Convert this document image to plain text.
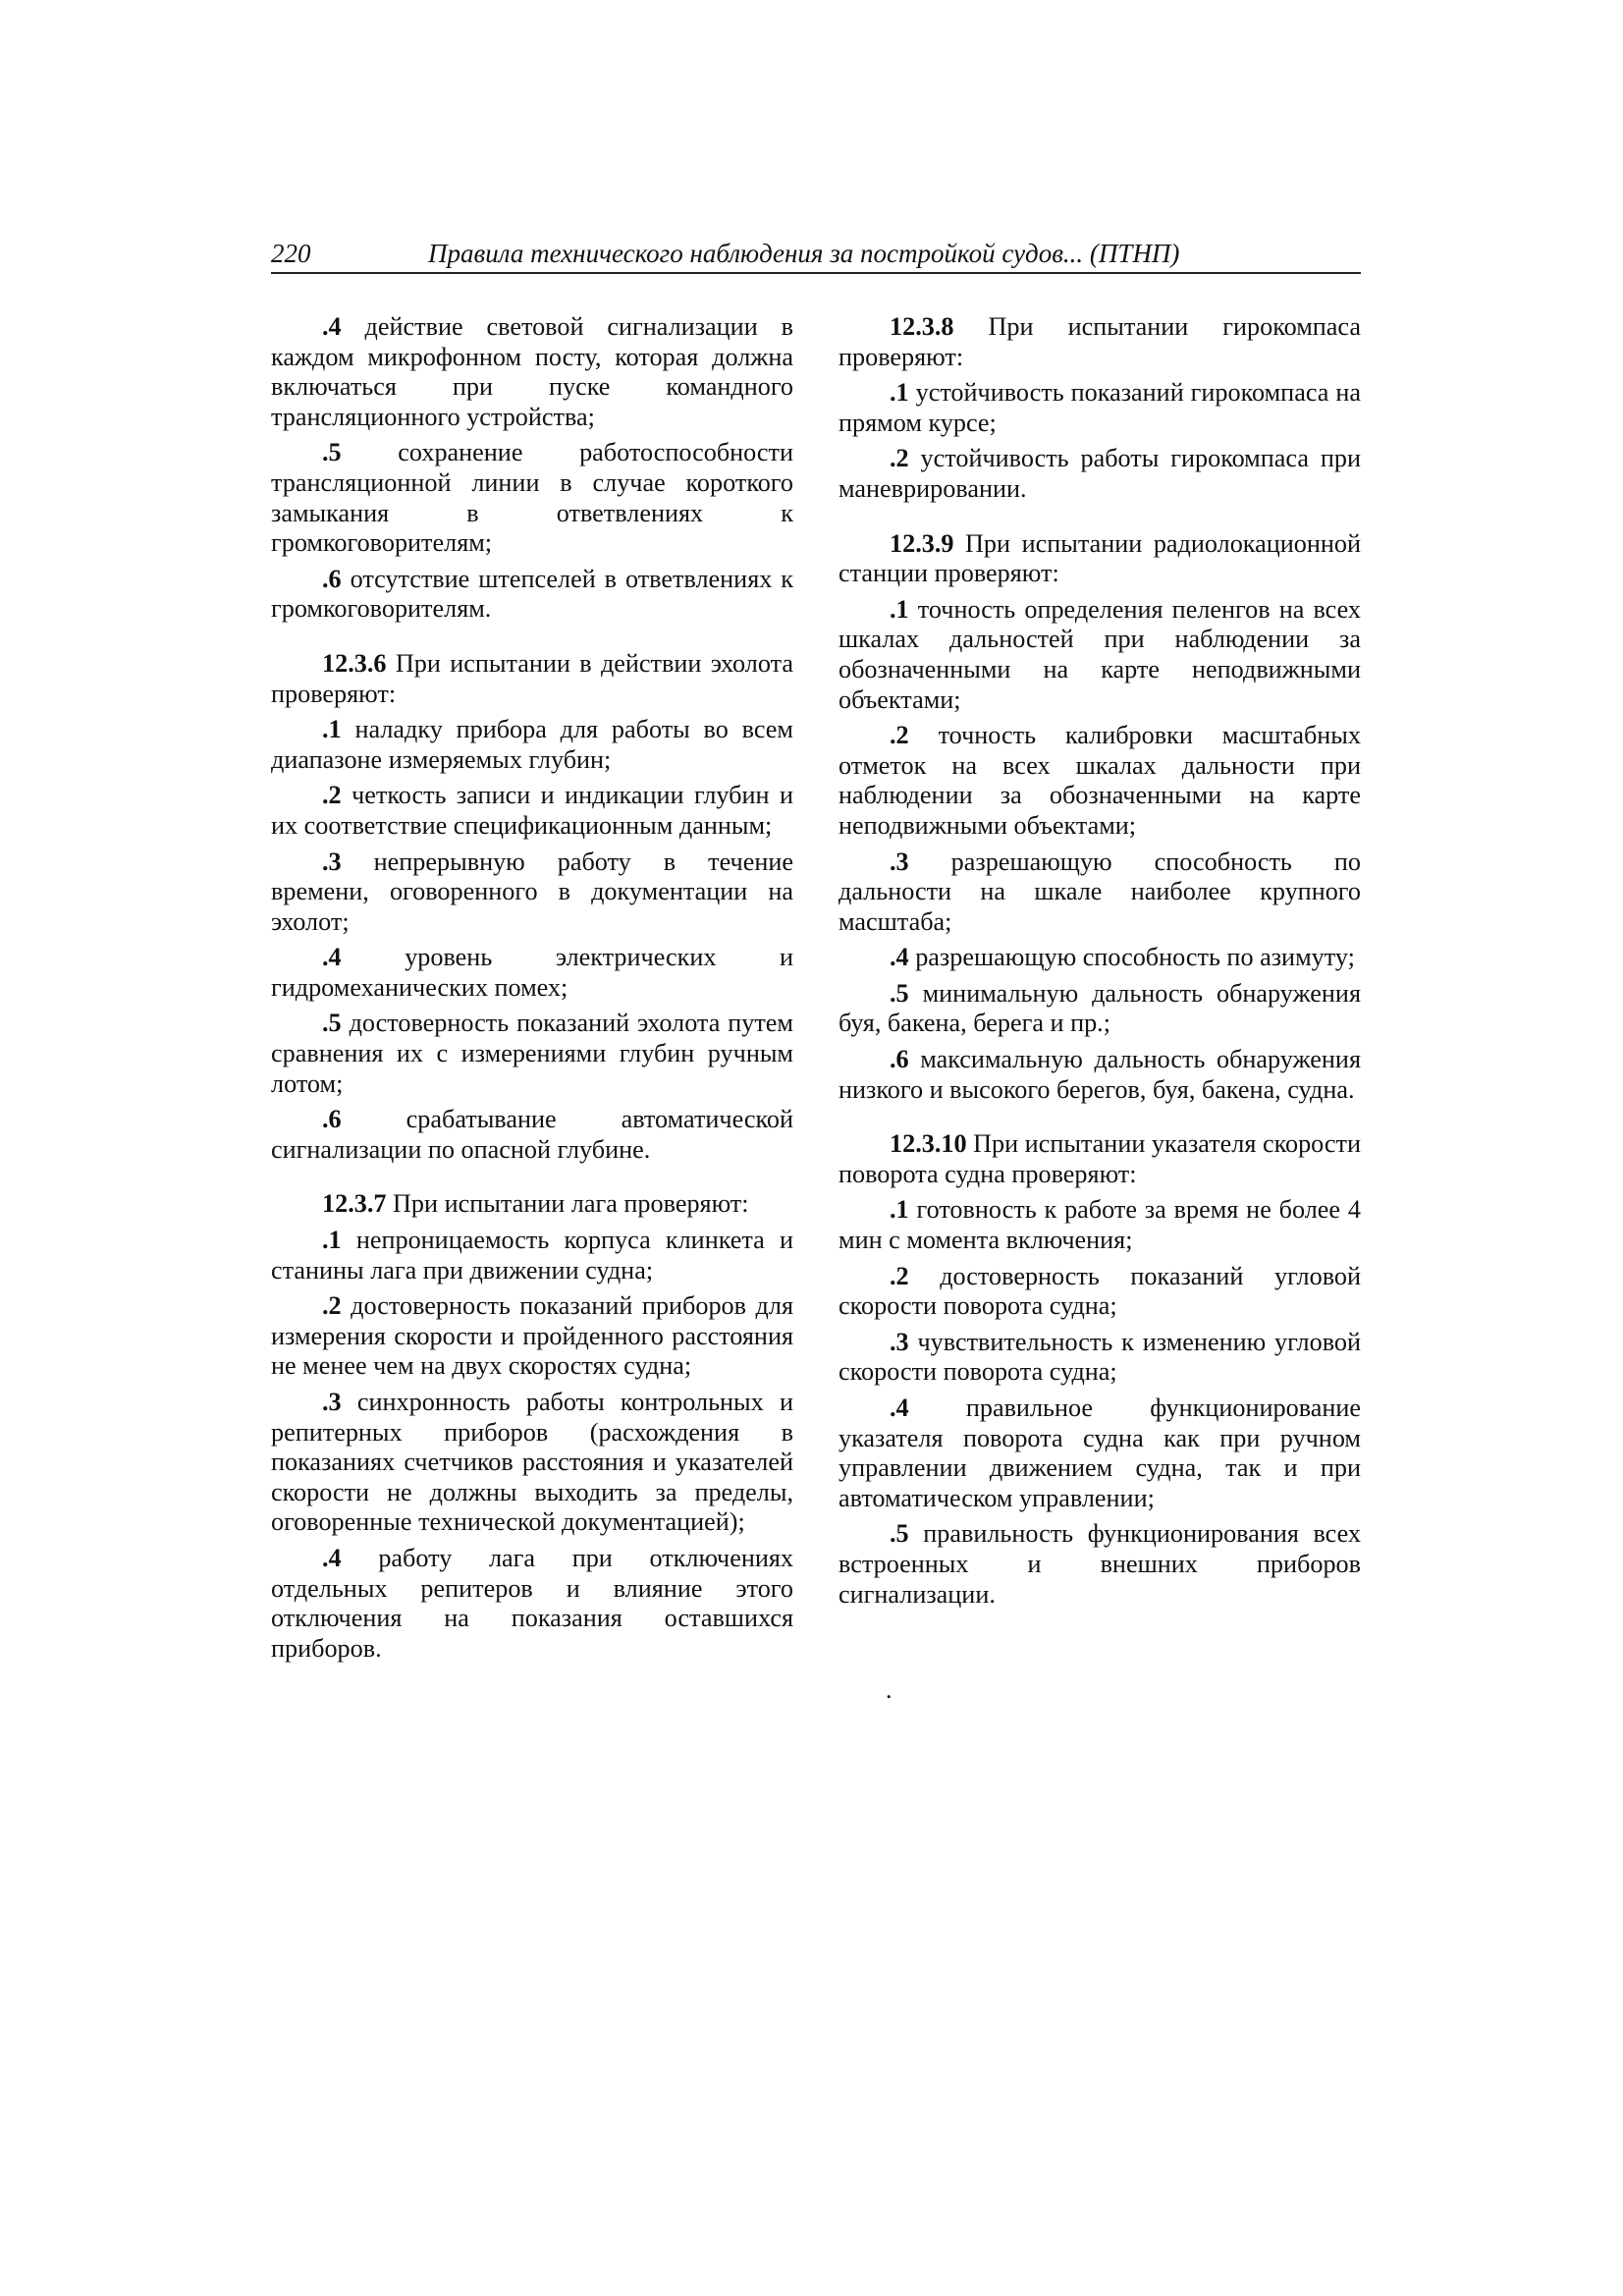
220	Правила технического наблюдения за постройкой судов... (ПТНП)

.4 действие световой сигнализации в каждом микрофонном посту, которая должна включаться при пуске командного трансляционного устройства;

.5 сохранение работоспособности трансляционной линии в случае короткого замыкания в ответвлениях к громкоговорителям;

.6 отсутствие штепселей в ответвлениях к громкоговорителям.

12.3.6 При испытании в действии эхолота проверяют:

.1 наладку прибора для работы во всем диапазоне измеряемых глубин;

.2 четкость записи и индикации глубин и их соответствие спецификационным данным;

.3 непрерывную работу в течение времени, оговоренного в документации на эхолот;

.4 уровень электрических и гидромеханических помех;

.5 достоверность показаний эхолота путем сравнения их с измерениями глубин ручным лотом;

.6 срабатывание автоматической сигнализации по опасной глубине.

12.3.7 При испытании лага проверяют:

.1 непроницаемость корпуса клинкета и станины лага при движении судна;

.2 достоверность показаний приборов для измерения скорости и пройденного расстояния не менее чем на двух скоростях судна;

.3 синхронность работы контрольных и репитерных приборов (расхождения в показаниях счетчиков расстояния и указателей скорости не должны выходить за пределы, оговоренные технической документацией);

.4 работу лага при отключениях отдельных репитеров и влияние этого отключения на показания оставшихся приборов.

12.3.8 При испытании гирокомпаса проверяют:

.1 устойчивость показаний гирокомпаса на прямом курсе;

.2 устойчивость работы гирокомпаса при маневрировании.

12.3.9 При испытании радиолокационной станции проверяют:

.1 точность определения пеленгов на всех шкалах дальностей при наблюдении за обозначенными на карте неподвижными объектами;

.2 точность калибровки масштабных отметок на всех шкалах дальности при наблюдении за обозначенными на карте неподвижными объектами;

.3 разрешающую способность по дальности на шкале наиболее крупного масштаба;

.4 разрешающую способность по азимуту;

.5 минимальную дальность обнаружения буя, бакена, берега и пр.;

.6 максимальную дальность обнаружения низкого и высокого берегов, буя, бакена, судна.

12.3.10 При испытании указателя скорости поворота судна проверяют:

.1 готовность к работе за время не более 4 мин с момента включения;

.2 достоверность показаний угловой скорости поворота судна;

.3 чувствительность к изменению угловой скорости поворота судна;

.4 правильное функционирование указателя поворота судна как при ручном управлении движением судна, так и при автоматическом управлении;

.5 правильность функционирования всех встроенных и внешних приборов сигнализации.

.
